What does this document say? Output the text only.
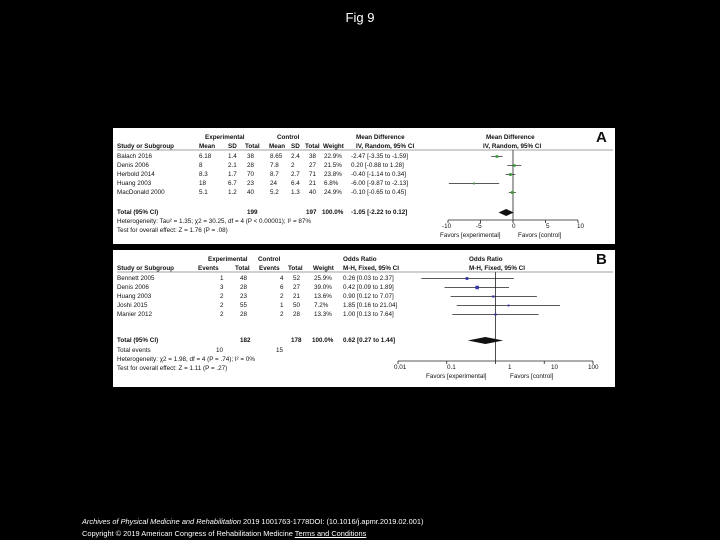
Fig 9
A
Experimental	Control	Mean Difference	Mean Difference
Study or Subgroup	Mean SD Total Mean SD Total Weight IV, Random, 95% CI	IV, Random, 95% CI
Balach 2016	6.18	1.4 38	8.65 2.4 38 22.9% -2.47 [-3.35 to -1.59]
Denis 2006	8	2.1 28	7.8 2 27 21.5% 0.20 [-0.88 to 1.28]
Herbold 2014	8.3	1.7 70	8.7 2.7 71 23.8% -0.40 [-1.14 to 0.34]
Huang 2003	18	6.7 23	24 6.4 21 6.8% -6.00 [-9.87 to -2.13]
MacDonald 2000	5.1	1.2 40	5.2 1.3 40 24.9% -0.10 [-0.65 to 0.45]
Total (95% CI)	199	197 100.0% -1.05 [-2.22 to 0.12]
Heterogeneity: Tau² = 1.35; χ2 = 30.25, df = 4 (P < 0.00001); I² = 87%
Test for overall effect: Z = 1.76 (P = .08)
-10	-5	0	5	10
Favors [experimental]	Favors [control]
B
Experimental Control	Odds Ratio	Odds Ratio
Study or Subgroup	Events	Total Events Total Weight M-H, Fixed, 95% CI	M-H, Fixed, 95% CI
Bennett 2005	1	48	4 52 25.9% 0.26 [0.03 to 2.37]
Denis 2006	3	28	6 27 39.0% 0.42 [0.09 to 1.89]
Huang 2003	2	23	2 21 13.6% 0.90 [0.12 to 7.07]
Joshi 2015	2	55	1 50 7.2% 1.85 [0.16 to 21.04]
Manier 2012	2	28	2 28 13.3% 1.00 [0.13 to 7.64]
Total (95% CI)	182	178 100.0% 0.62 [0.27 to 1.44]
Total events	10	15
Heterogeneity: χ2 = 1.98, df = 4 (P = .74); I² = 0%
Test for overall effect: Z = 1.11 (P = .27)	0.01	0.1	1	10	100
Favors [experimental]	Favors [control]
Archives of Physical Medicine and Rehabilitation 2019 1001763-1778DOI: (10.1016/j.apmr.2019.02.001)
Copyright © 2019 American Congress of Rehabilitation Medicine Terms and Conditions
